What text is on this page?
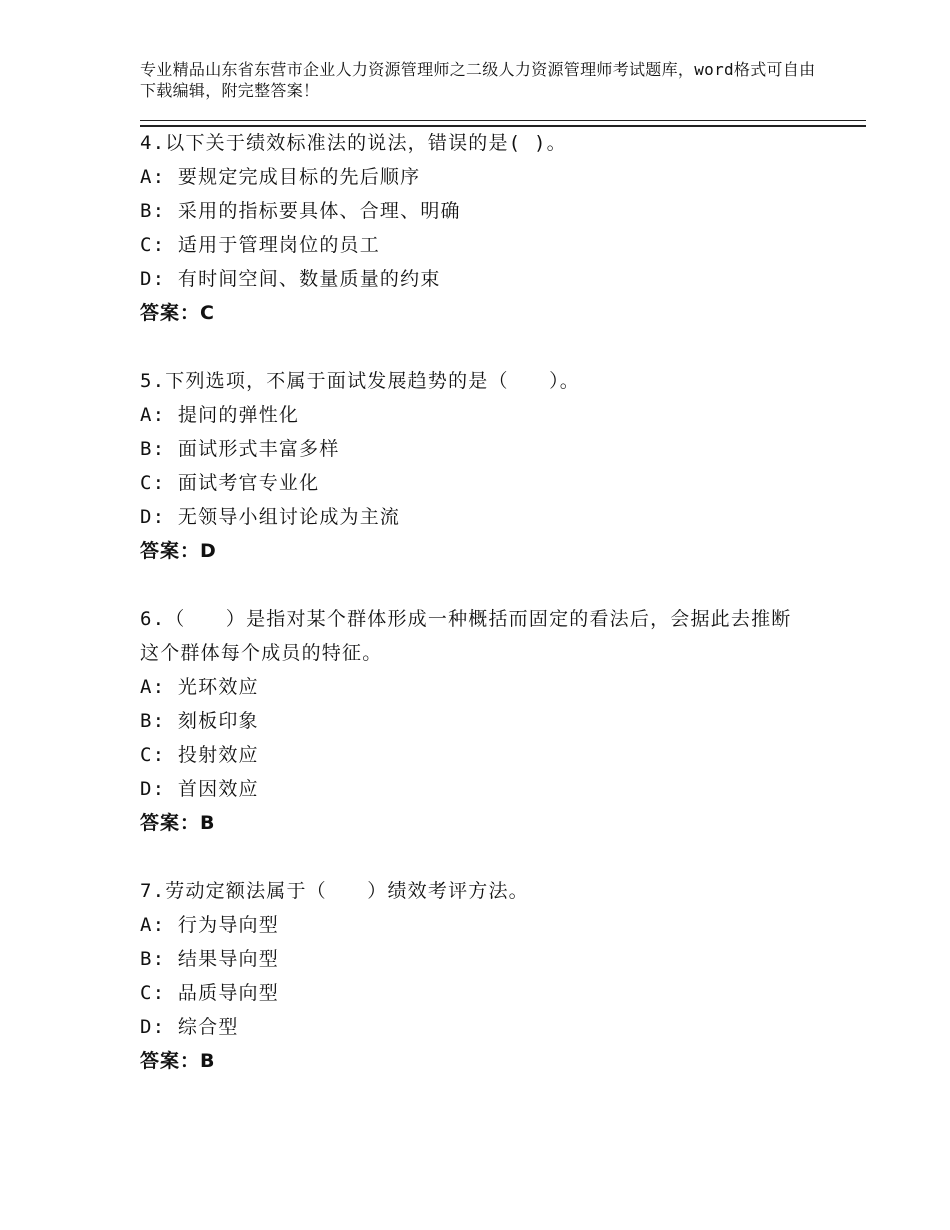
专业精品山东省东营市企业人力资源管理师之二级人力资源管理师考试题库，word格式可自由下载编辑，附完整答案！
4.以下关于绩效标准法的说法，错误的是( )。
A: 要规定完成目标的先后顺序
B: 采用的指标要具体、合理、明确
C: 适用于管理岗位的员工
D: 有时间空间、数量质量的约束
答案：C
5.下列选项，不属于面试发展趋势的是（　　）。
A: 提问的弹性化
B: 面试形式丰富多样
C: 面试考官专业化
D: 无领导小组讨论成为主流
答案：D
6.（　　）是指对某个群体形成一种概括而固定的看法后，会据此去推断这个群体每个成员的特征。
A: 光环效应
B: 刻板印象
C: 投射效应
D: 首因效应
答案：B
7.劳动定额法属于（　　）绩效考评方法。
A: 行为导向型
B: 结果导向型
C: 品质导向型
D: 综合型
答案：B
